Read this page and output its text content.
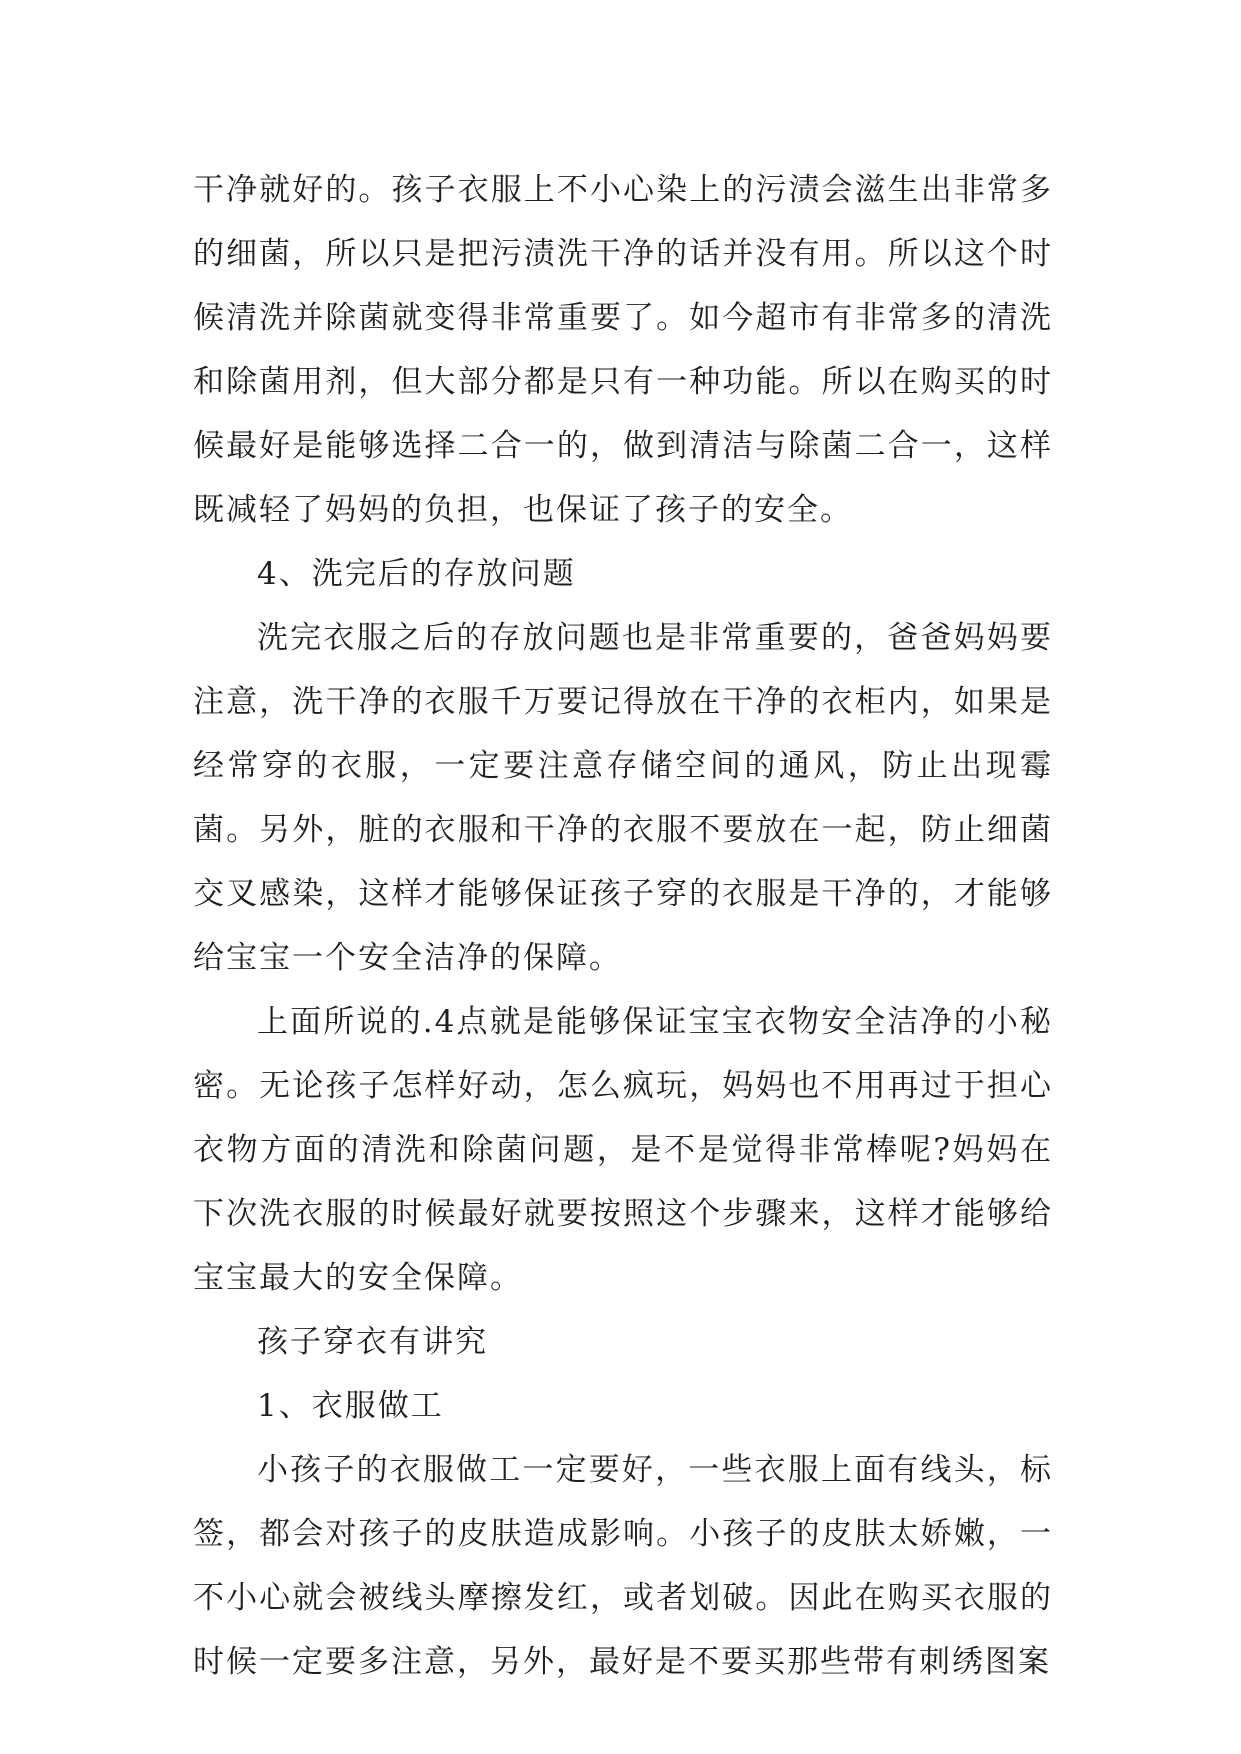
干净就好的。孩子衣服上不小心染上的污渍会滋生出非常多的细菌，所以只是把污渍洗干净的话并没有用。所以这个时候清洗并除菌就变得非常重要了。如今超市有非常多的清洗和除菌用剂，但大部分都是只有一种功能。所以在购买的时候最好是能够选择二合一的，做到清洁与除菌二合一，这样既减轻了妈妈的负担，也保证了孩子的安全。

4、洗完后的存放问题

洗完衣服之后的存放问题也是非常重要的，爸爸妈妈要注意，洗干净的衣服千万要记得放在干净的衣柜内，如果是经常穿的衣服，一定要注意存储空间的通风，防止出现霉菌。另外，脏的衣服和干净的衣服不要放在一起，防止细菌交叉感染，这样才能够保证孩子穿的衣服是干净的，才能够给宝宝一个安全洁净的保障。

上面所说的.4点就是能够保证宝宝衣物安全洁净的小秘密。无论孩子怎样好动，怎么疯玩，妈妈也不用再过于担心衣物方面的清洗和除菌问题，是不是觉得非常棒呢?妈妈在下次洗衣服的时候最好就要按照这个步骤来，这样才能够给宝宝最大的安全保障。

孩子穿衣有讲究

1、衣服做工

小孩子的衣服做工一定要好，一些衣服上面有线头，标签，都会对孩子的皮肤造成影响。小孩子的皮肤太娇嫩，一不小心就会被线头摩擦发红，或者划破。因此在购买衣服的时候一定要多注意，另外，最好是不要买那些带有刺绣图案
